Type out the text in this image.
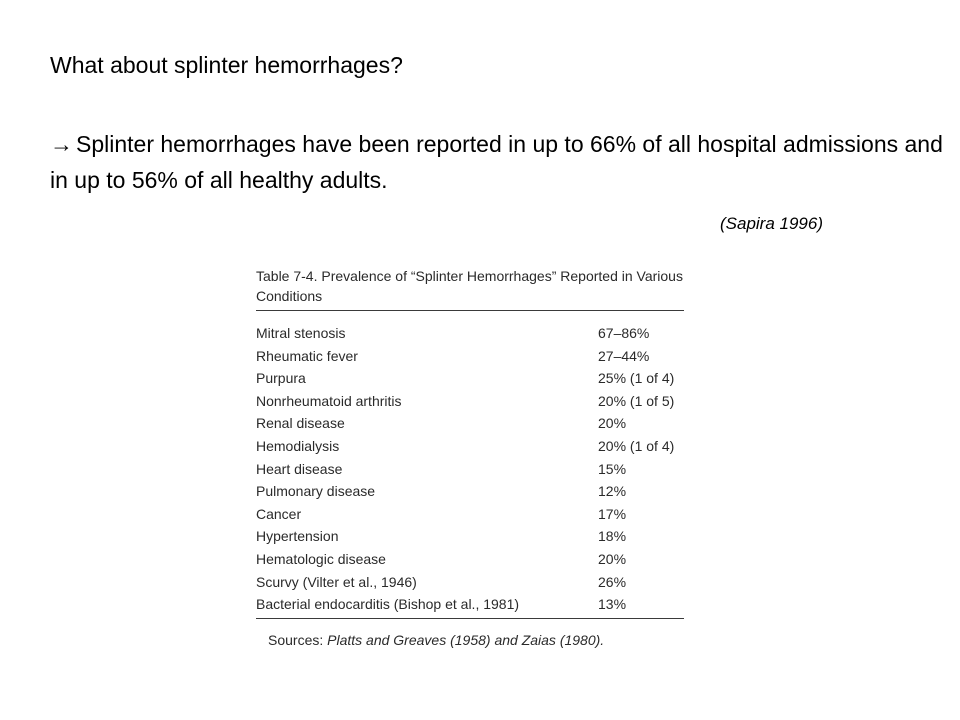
What about splinter hemorrhages?
→ Splinter hemorrhages have been reported in up to 66% of all hospital admissions and in up to 56% of all healthy adults.
(Sapira 1996)
Table 7-4. Prevalence of “Splinter Hemorrhages” Reported in Various Conditions
Mitral stenosis	67–86%
Rheumatic fever	27–44%
Purpura	25% (1 of 4)
Nonrheumatoid arthritis	20% (1 of 5)
Renal disease	20%
Hemodialysis	20% (1 of 4)
Heart disease	15%
Pulmonary disease	12%
Cancer	17%
Hypertension	18%
Hematologic disease	20%
Scurvy (Vilter et al., 1946)	26%
Bacterial endocarditis (Bishop et al., 1981)	13%
Sources: Platts and Greaves (1958) and Zaias (1980).
